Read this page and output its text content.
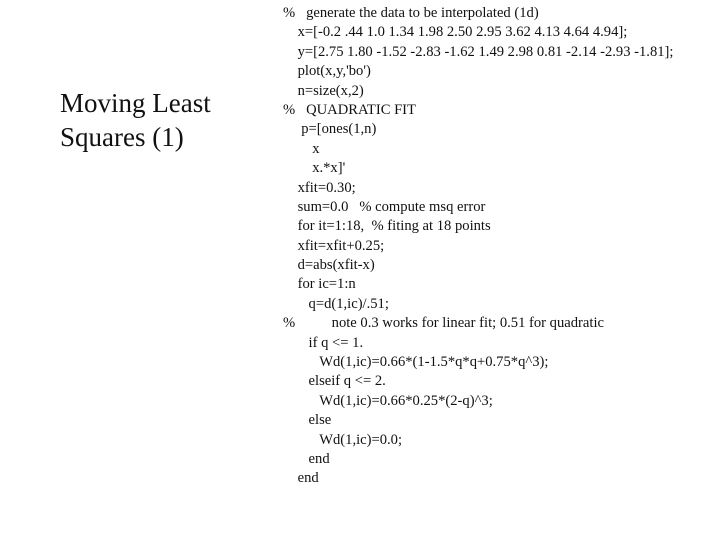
Moving Least
Squares (1)
%   generate the data to be interpolated (1d)
x=[-0.2 .44 1.0 1.34 1.98 2.50 2.95 3.62 4.13 4.64 4.94];
y=[2.75 1.80 -1.52 -2.83 -1.62 1.49 2.98 0.81 -2.14 -2.93 -1.81];
plot(x,y,'bo')
n=size(x,2)
%   QUADRATIC FIT
p=[ones(1,n)
x
x.*x]'
xfit=0.30;
sum=0.0   % compute msq error
for it=1:18,  % fiting at 18 points
xfit=xfit+0.25;
d=abs(xfit-x)
for ic=1:n
q=d(1,ic)/.51;
%          note 0.3 works for linear fit; 0.51 for quadratic
if q <= 1.
Wd(1,ic)=0.66*(1-1.5*q*q+0.75*q^3);
elseif q <= 2.
Wd(1,ic)=0.66*0.25*(2-q)^3;
else
Wd(1,ic)=0.0;
end
end
